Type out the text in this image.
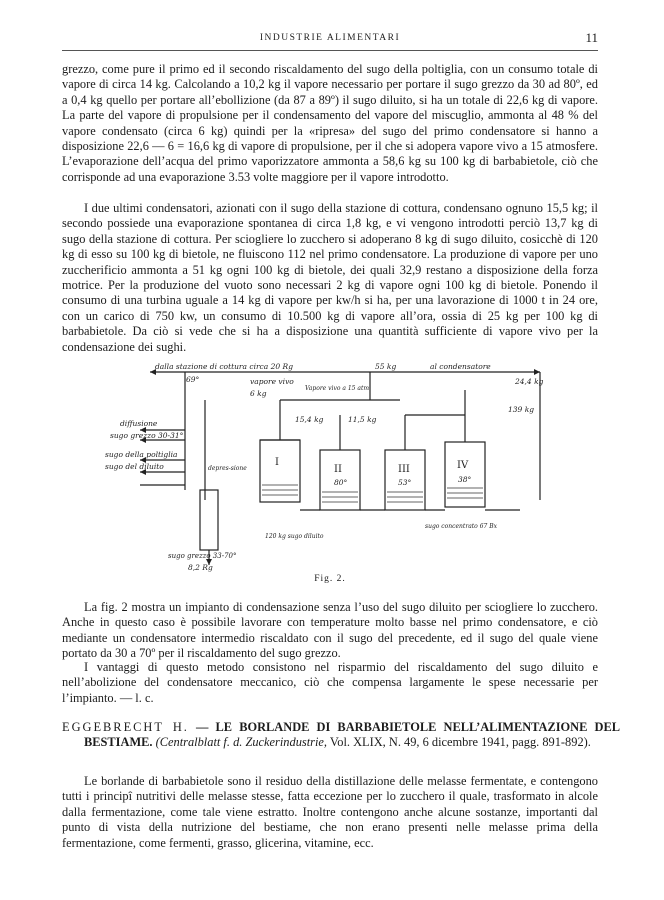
INDUSTRIE ALIMENTARI	11

grezzo, come pure il primo ed il secondo riscaldamento del sugo della poltiglia, con un consumo totale di vapore di circa 14 kg. Calcolando a 10,2 kg il vapore necessario per portare il sugo grezzo da 30 ad 80º, ed a 0,4 kg quello per portare all’ebollizione (da 87 a 89º) il sugo diluito, si ha un totale di 22,6 kg di vapore. La parte del vapore di propulsione per il condensamento del vapore del miscuglio, ammonta al 48 % del vapore condensato (circa 6 kg) quindi per la «ripresa» del sugo del primo condensatore si hanno a disposizione 22,6 — 6 = 16,6 kg di vapore di propulsione, per il che si adopera vapore vivo a 15 atmosfere. L’evaporazione dell’acqua del primo vaporizzatore ammonta a 58,6 kg su 100 kg di barbabietole, ciò che corrisponde ad una evaporazione 3.53 volte maggiore per il vapore introdotto.

I due ultimi condensatori, azionati con il sugo della stazione di cottura, condensano ognuno 15,5 kg; il secondo possiede una evaporazione spontanea di circa 1,8 kg, e vi vengono introdotti perciò 13,7 kg di sugo della stazione di cottura. Per sciogliere lo zucchero si adoperano 8 kg di sugo diluito, cosicchè di 120 kg di esso su 100 kg di bietole, ne fluiscono 112 nel primo condensatore. La produzione di vapore per uno zuccherificio ammonta a 51 kg ogni 100 kg di bietole, dei quali 32,9 restano a disposizione della forza motrice. Per la produzione del vuoto sono necessari 2 kg di vapore ogni 100 kg di bietole. Ponendo il consumo di una turbina uguale a 14 kg di vapore per kw/h si ha, per una lavorazione di 1000 t in 24 ore, con un carico di 750 kw, un consumo di 10.500 kg di vapore all’ora, ossia di 25 kg per 100 kg di barbabietole. Da ciò si vede che si ha a disposizione una quantità sufficiente di vapore vivo per la condensazione dei sughi.

dalla stazione di cottura circa 20 Rg	al condensatore
69°
55 kg
24,4 kg
vapore vivo
6 kg
Vapore vivo a 15 atm.
15,4 kg	11,5 kg
139 kg
diffusione
sugo grezzo 30-31°
sugo della poltiglia
sugo del diluito	depres-sione
I
II	III	IV
80°	53°	38°
sugo grezzo 33-70°
8,2 Rg
sugo concentrato 67 Bx
120 kg sugo diluito
Fig. 2.

La fig. 2 mostra un impianto di condensazione senza l’uso del sugo diluito per sciogliere lo zucchero. Anche in questo caso è possibile lavorare con temperature molto basse nel primo condensatore, e ciò mediante un condensatore intermedio riscaldato con il sugo del precedente, ed il sugo del quale viene portato da 30 a 70º per il riscaldamento del sugo grezzo.

I vantaggi di questo metodo consistono nel risparmio del riscaldamento del sugo diluito e nell’abolizione del condensatore meccanico, ciò che compensa largamente le spese necessarie per l’impianto. — l. c.

EGGEBRECHT H. — LE BORLANDE DI BARBABIETOLE NELL’ALIMENTAZIONE DEL BESTIAME. (Centralblatt f. d. Zuckerindustrie, Vol. XLIX, N. 49, 6 dicembre 1941, pagg. 891-892).

Le borlande di barbabietole sono il residuo della distillazione delle melasse fermentate, e contengono tutti i principî nutritivi delle melasse stesse, fatta eccezione per lo zucchero il quale, trasformato in alcole dalla fermentazione, come tale viene estratto. Inoltre contengono anche alcune sostanze, importanti dal punto di vista della nutrizione del bestiame, che non erano presenti nelle melasse prima della fermentazione, come fermenti, grasso, glicerina, vitamine, ecc.
